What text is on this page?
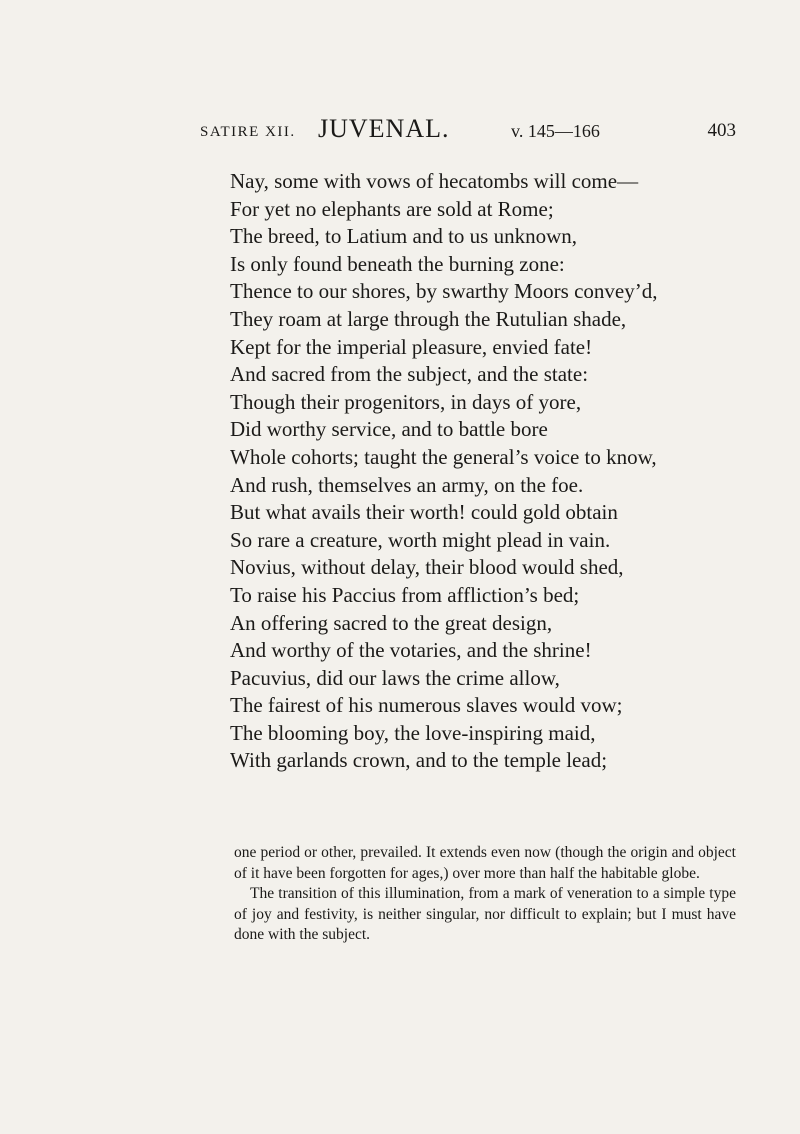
SATIRE XII. JUVENAL.	v. 145—166	403
Nay, some with vows of hecatombs will come—
For yet no elephants are sold at Rome;
The breed, to Latium and to us unknown,
Is only found beneath the burning zone:
Thence to our shores, by swarthy Moors convey’d,
They roam at large through the Rutulian shade,
Kept for the imperial pleasure, envied fate!
And sacred from the subject, and the state:
Though their progenitors, in days of yore,
Did worthy service, and to battle bore
Whole cohorts; taught the general’s voice to know,
And rush, themselves an army, on the foe.
But what avails their worth! could gold obtain
So rare a creature, worth might plead in vain.
Novius, without delay, their blood would shed,
To raise his Paccius from affliction’s bed;
An offering sacred to the great design,
And worthy of the votaries, and the shrine!
Pacuvius, did our laws the crime allow,
The fairest of his numerous slaves would vow;
The blooming boy, the love-inspiring maid,
With garlands crown, and to the temple lead;

one period or other, prevailed. It extends even now (though the origin and object of it have been forgotten for ages,) over more than half the habitable globe.

The transition of this illumination, from a mark of veneration to a simple type of joy and festivity, is neither singular, nor difficult to explain; but I must have done with the subject.
